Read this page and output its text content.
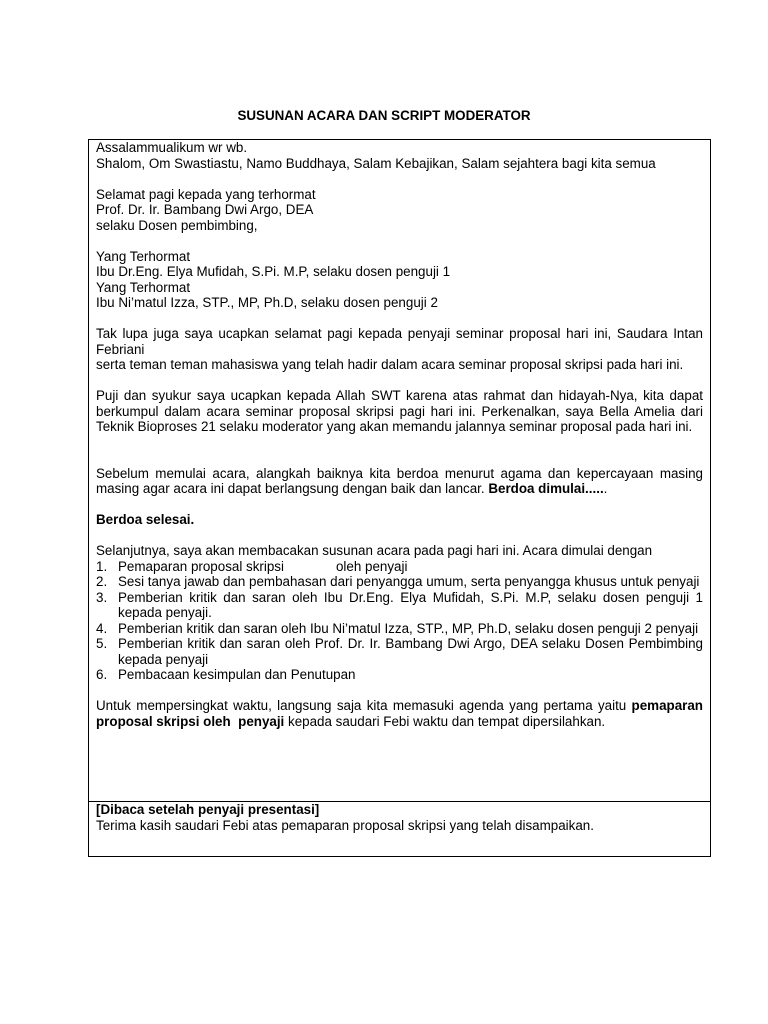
SUSUNAN ACARA DAN SCRIPT MODERATOR

Assalammualikum wr wb.

Shalom, Om Swastiastu, Namo Buddhaya, Salam Kebajikan, Salam sejahtera bagi kita semua

Selamat pagi kepada yang terhormat

Prof. Dr. Ir. Bambang Dwi Argo, DEA

selaku Dosen pembimbing,

Yang Terhormat

Ibu Dr.Eng. Elya Mufidah, S.Pi. M.P, selaku dosen penguji 1

Yang Terhormat

Ibu Ni’matul Izza, STP., MP, Ph.D, selaku dosen penguji 2

Tak lupa juga saya ucapkan selamat pagi kepada penyaji seminar proposal hari ini, Saudara Intan Febriani

serta teman teman mahasiswa yang telah hadir dalam acara seminar proposal skripsi pada hari ini.

Puji dan syukur saya ucapkan kepada Allah SWT karena atas rahmat dan hidayah-Nya, kita dapat berkumpul dalam acara seminar proposal skripsi pagi hari ini. Perkenalkan, saya Bella Amelia dari Teknik Bioproses 21 selaku moderator yang akan memandu jalannya seminar proposal pada hari ini.

Sebelum memulai acara, alangkah baiknya kita berdoa menurut agama dan kepercayaan masing masing agar acara ini dapat berlangsung dengan baik dan lancar. Berdoa dimulai......

Berdoa selesai.

Selanjutnya, saya akan membacakan susunan acara pada pagi hari ini. Acara dimulai dengan

1. Pemaparan proposal skripsi	oleh penyaji
2. Sesi tanya jawab dan pembahasan dari penyangga umum, serta penyangga khusus untuk penyaji
3. Pemberian kritik dan saran oleh Ibu Dr.Eng. Elya Mufidah, S.Pi. M.P, selaku dosen penguji 1 kepada penyaji.
4. Pemberian kritik dan saran oleh Ibu Ni’matul Izza, STP., MP, Ph.D, selaku dosen penguji 2 penyaji
5. Pemberian kritik dan saran oleh Prof. Dr. Ir. Bambang Dwi Argo, DEA selaku Dosen Pembimbing kepada penyaji
6. Pembacaan kesimpulan dan Penutupan

Untuk mempersingkat waktu, langsung saja kita memasuki agenda yang pertama yaitu pemaparan proposal skripsi oleh penyaji kepada saudari Febi waktu dan tempat dipersilahkan.

[Dibaca setelah penyaji presentasi]

Terima kasih saudari Febi atas pemaparan proposal skripsi yang telah disampaikan.
